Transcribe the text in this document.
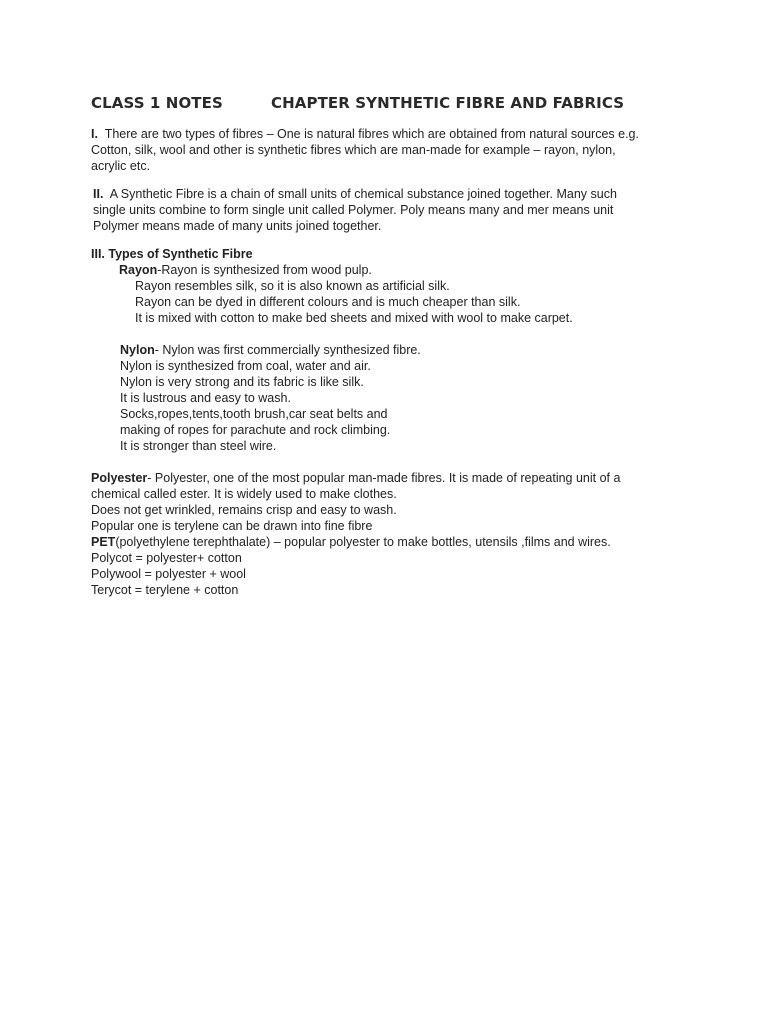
CLASS 1 NOTES	CHAPTER SYNTHETIC FIBRE AND FABRICS
I. There are two types of fibres – One is natural fibres which are obtained from natural sources e.g.
Cotton, silk, wool and other is synthetic fibres which are man-made for example – rayon, nylon,
acrylic etc.
II. A Synthetic Fibre is a chain of small units of chemical substance joined together. Many such
single units combine to form single unit called Polymer. Poly means many and mer means unit
Polymer means made of many units joined together.
III. Types of Synthetic Fibre
Rayon-Rayon is synthesized from wood pulp.
Rayon resembles silk, so it is also known as artificial silk.
Rayon can be dyed in different colours and is much cheaper than silk.
It is mixed with cotton to make bed sheets and mixed with wool to make carpet.
Nylon- Nylon was first commercially synthesized fibre.
Nylon is synthesized from coal, water and air.
Nylon is very strong and its fabric is like silk.
It is lustrous and easy to wash.
Socks,ropes,tents,tooth brush,car seat belts and
making of ropes for parachute and rock climbing.
It is stronger than steel wire.
Polyester- Polyester, one of the most popular man-made fibres. It is made of repeating unit of a
chemical called ester. It is widely used to make clothes.
Does not get wrinkled, remains crisp and easy to wash.
Popular one is terylene can be drawn into fine fibre
PET(polyethylene terephthalate) – popular polyester to make bottles, utensils ,films and wires.
Polycot = polyester+ cotton
Polywool = polyester + wool
Terycot = terylene + cotton
